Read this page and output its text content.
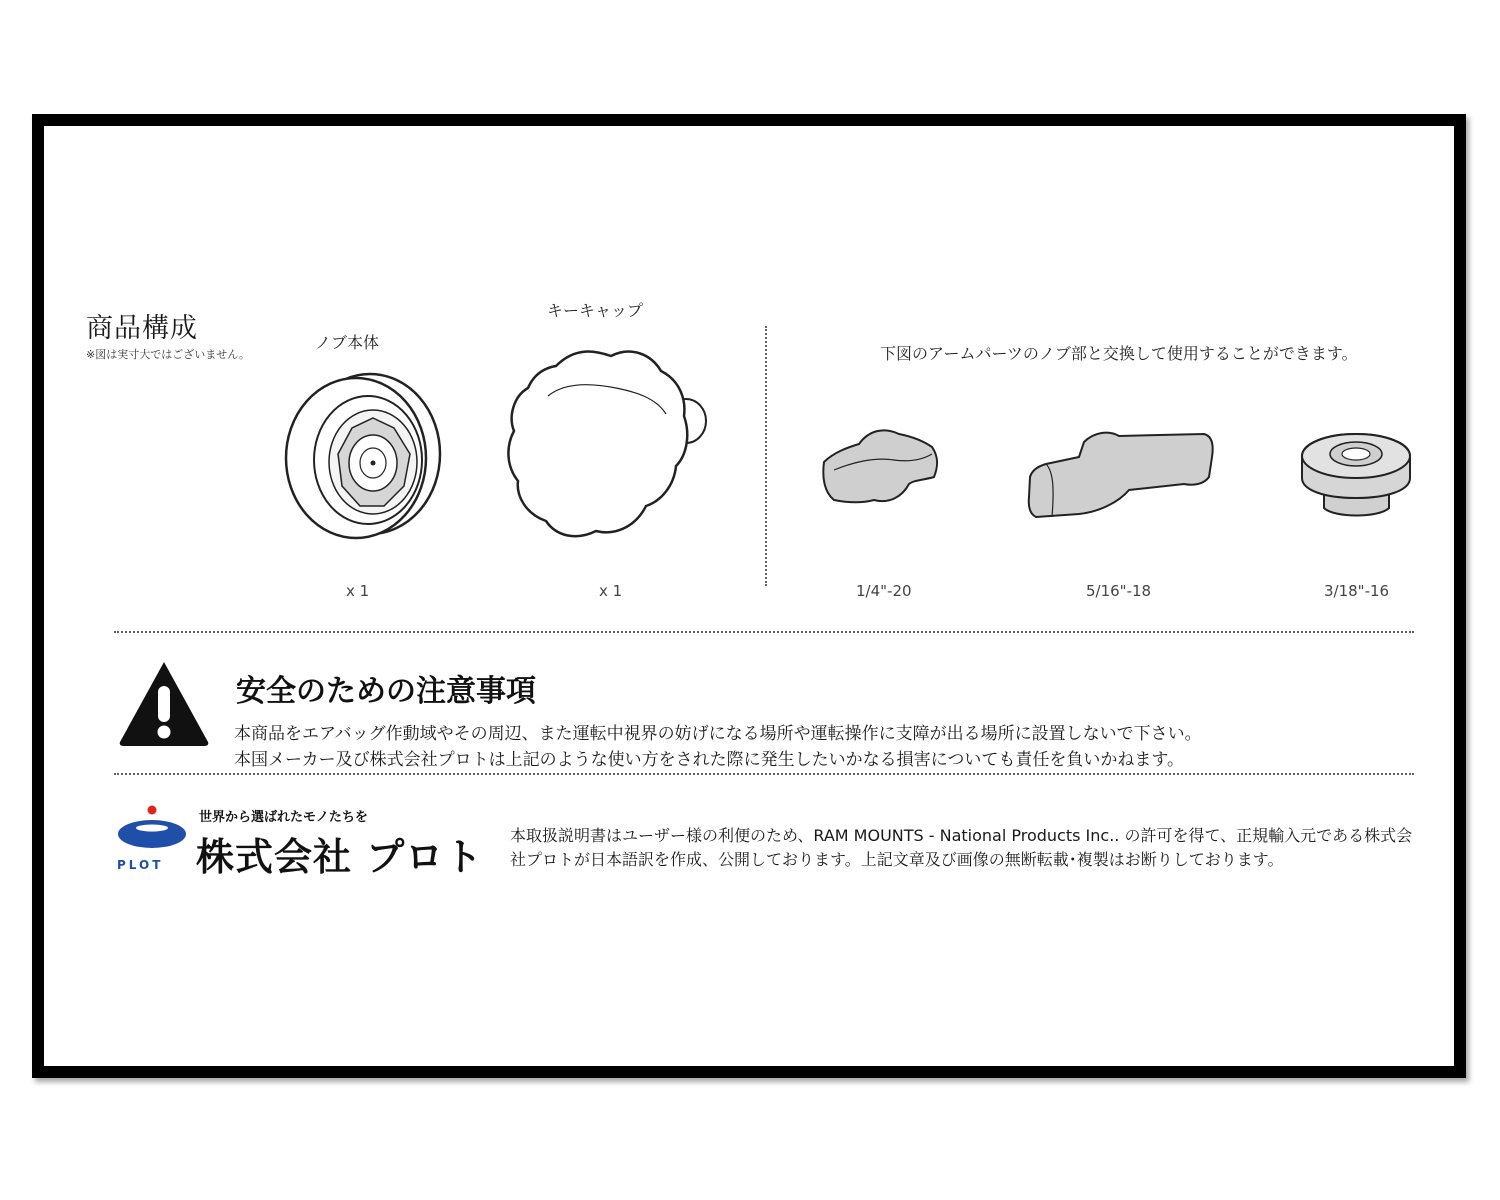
商品構成
※図は実寸大ではございません。
ノブ本体
x 1
キーキャップ
x 1
下図のアームパーツのノブ部と交換して使用することができます。
1/4"-20	5/16"-18	3/18"-16
安全のための注意事項
本商品をエアバッグ作動域やその周辺、また運転中視界の妨げになる場所や運転操作に支障が出る場所に設置しないで下さい。
本国メーカー及び株式会社プロトは上記のような使い方をされた際に発生したいかなる損害についても責任を負いかねます。
PLOT
世界から選ばれたモノたちを
株式会社 プロト 本取扱説明書はユーザー様の利便のため、RAM MOUNTS - National Products Inc.. の許可を得て、正規輸入元である株式会社プロトが日本語訳を作成、公開しております。上記文章及び画像の無断転載･複製はお断りしております。
